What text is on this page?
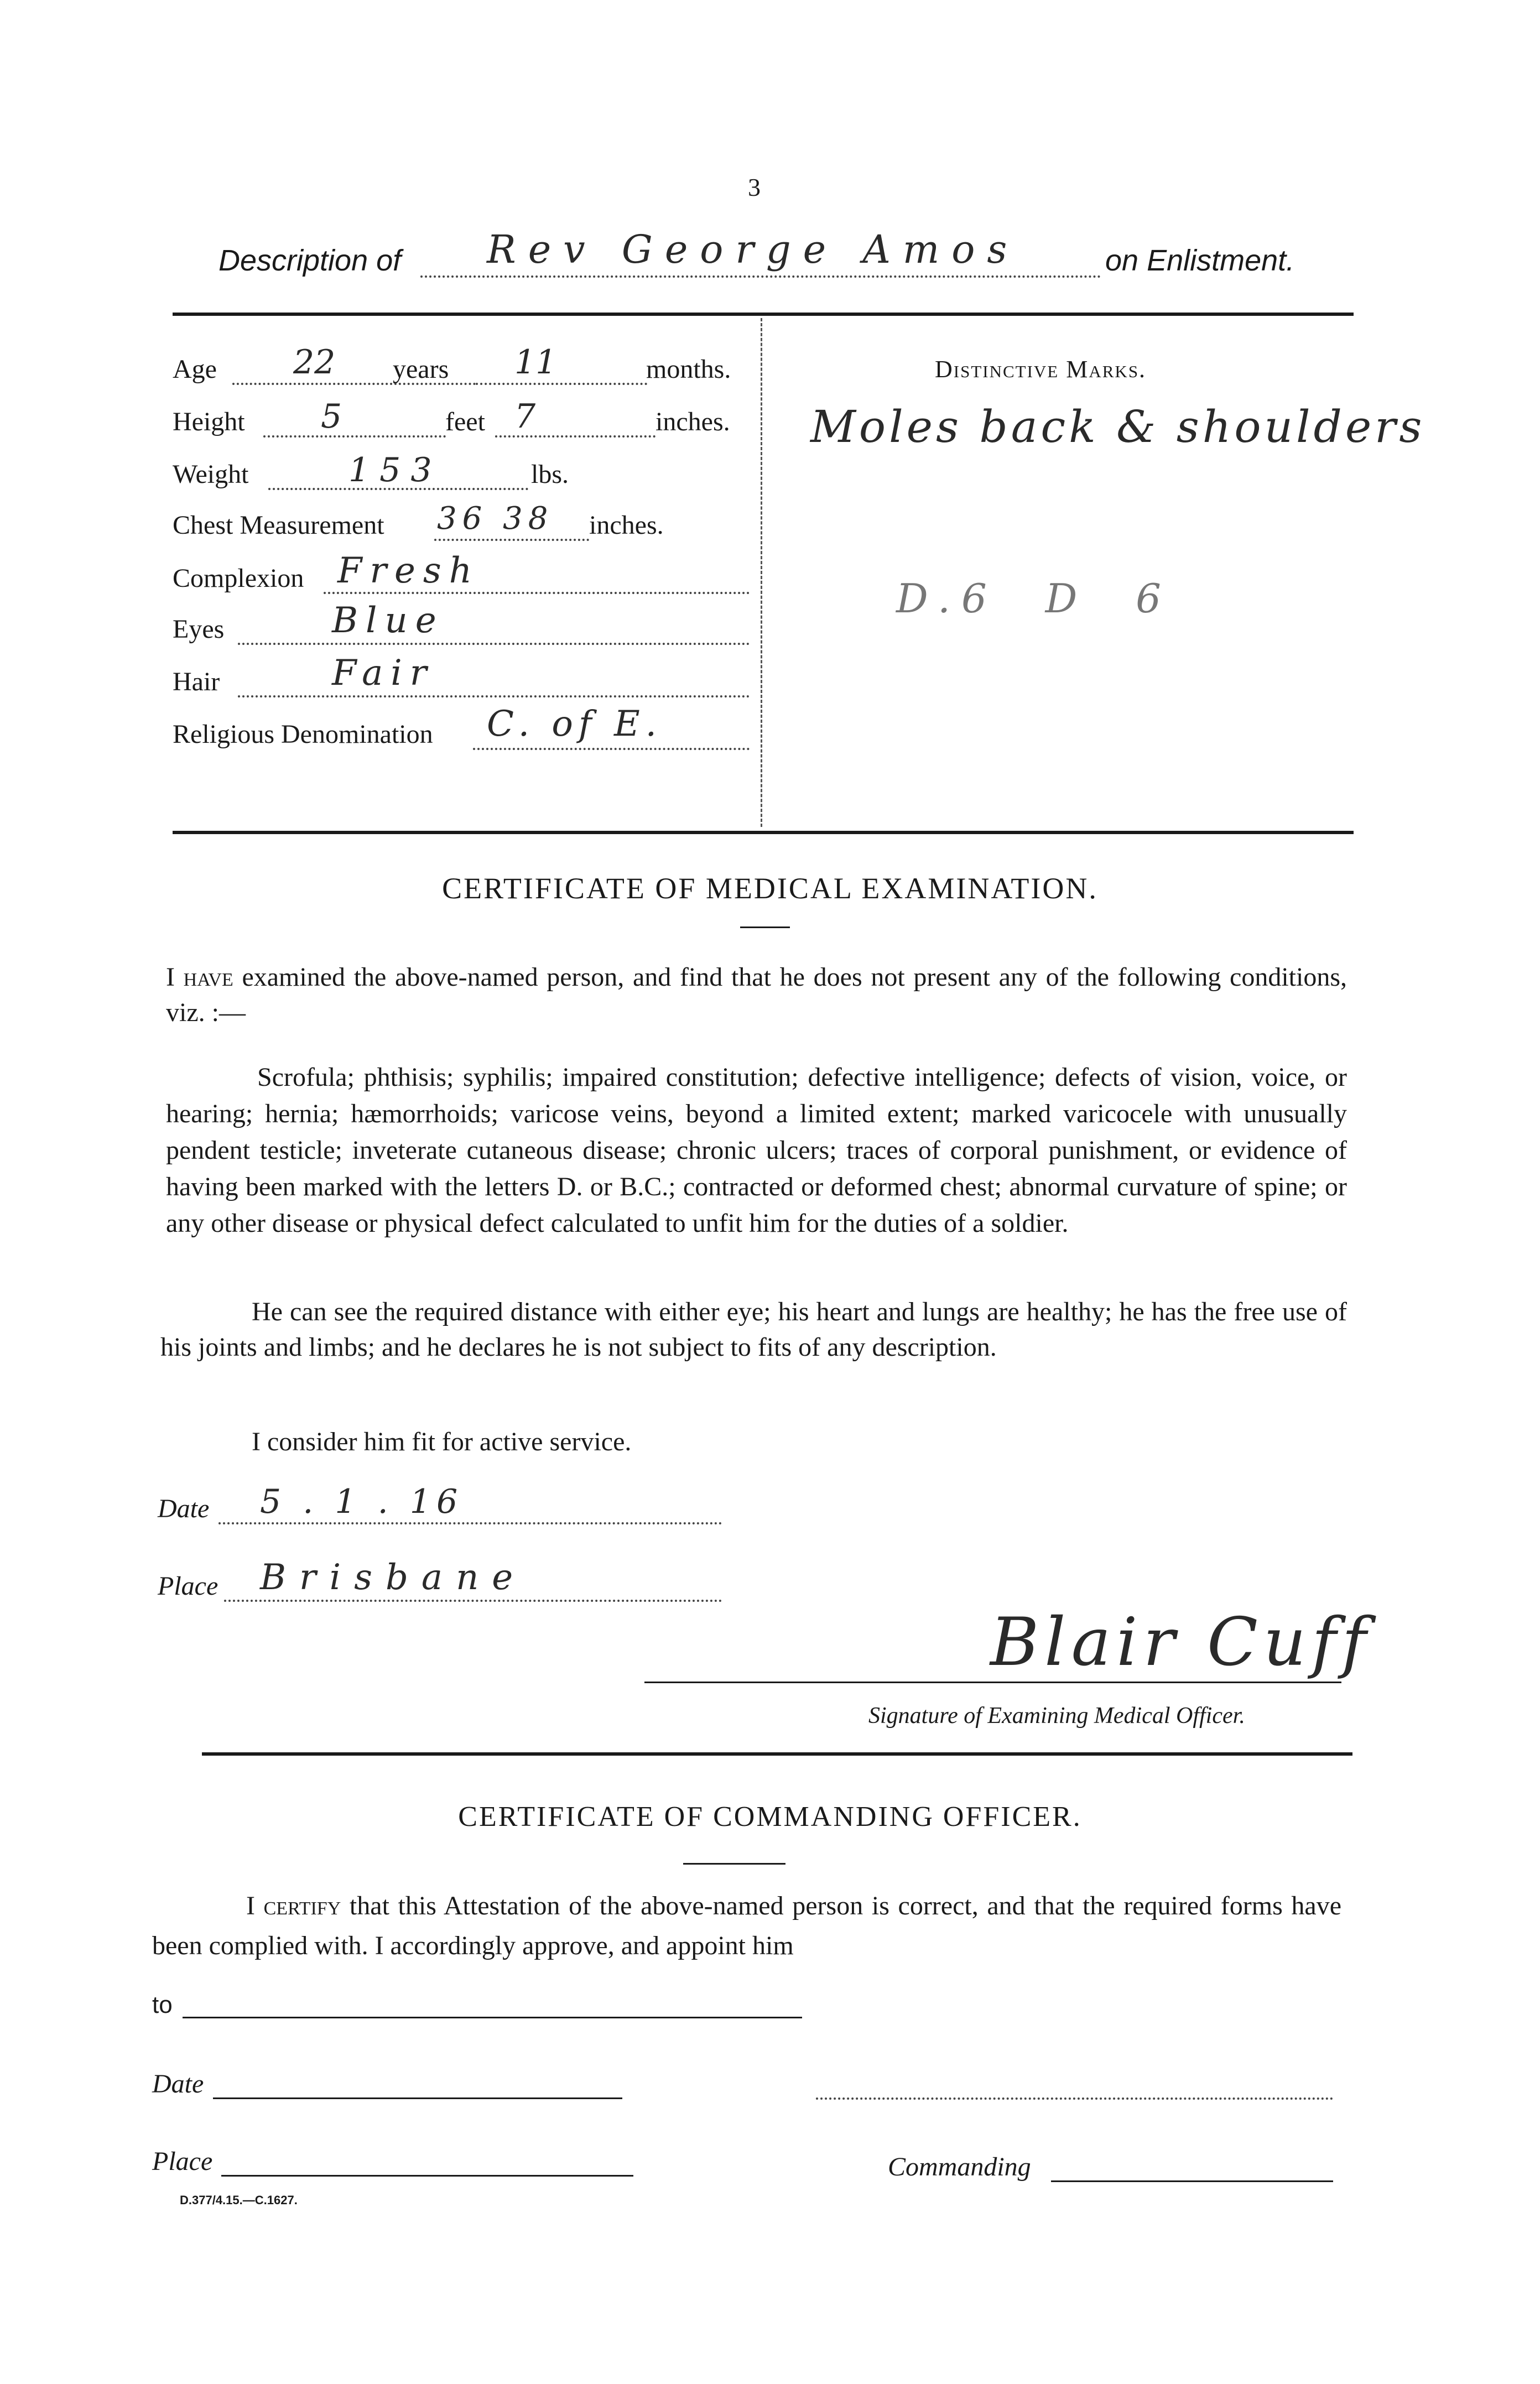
3
Description of Rev George Amos	on Enlistment.
Age 22 years 11	months.
Height 5	feet 7	inches.
Weight	153	lbs.
Chest Measurement 36 38 inches.
Complexion Fresh
Eyes	Blue
Hair	Fair
Religious Denomination C. of E.
Distinctive Marks.
Moles back & shoulders
D.6  D  6
CERTIFICATE OF MEDICAL EXAMINATION.
I have examined the above-named person, and find that he does not present any of the following conditions, viz. :—
Scrofula; phthisis; syphilis; impaired constitution; defective intelligence; defects of vision, voice, or hearing; hernia; hæmorrhoids; varicose veins, beyond a limited extent; marked varicocele with unusually pendent testicle; inveterate cutaneous disease; chronic ulcers; traces of corporal punishment, or evidence of having been marked with the letters D. or B.C.; contracted or deformed chest; abnormal curvature of spine; or any other disease or physical defect calculated to unfit him for the duties of a soldier.
He can see the required distance with either eye; his heart and lungs are healthy; he has the free use of his joints and limbs; and he declares he is not subject to fits of any description.
I consider him fit for active service.
Date 5 . 1 . 16
Place Brisbane
Blair Cuff
Signature of Examining Medical Officer.
CERTIFICATE OF COMMANDING OFFICER.
I certify that this Attestation of the above-named person is correct, and that the required forms have been complied with. I accordingly approve, and appoint him
to
Date
Place	Commanding
D.377/4.15.—C.1627.
